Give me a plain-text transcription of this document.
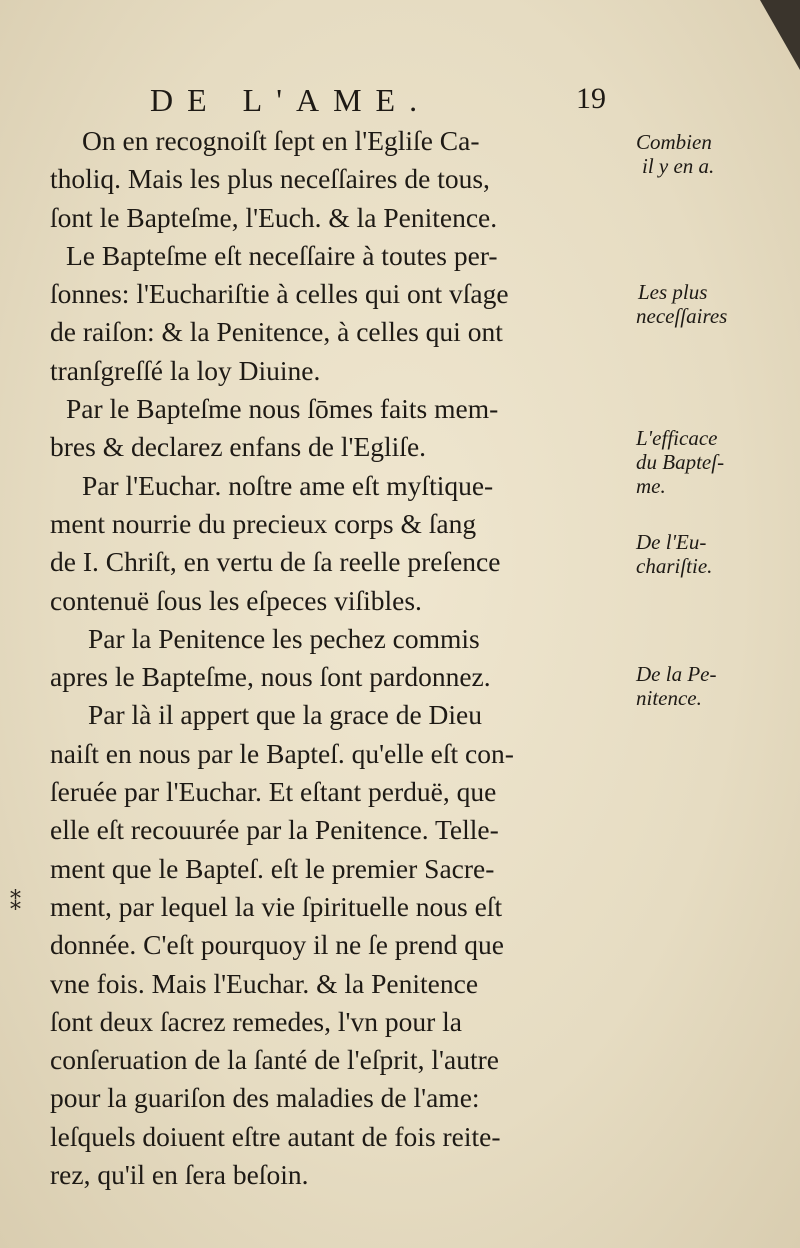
DE L'AME.	19
On en recognoiſt ſept en l'Egliſe Ca-
tholiq. Mais les plus neceſſaires de tous,
ſont le Bapteſme, l'Euch. & la Penitence.
Le Bapteſme eſt neceſſaire à toutes per-
ſonnes: l'Euchariſtie à celles qui ont vſage
de raiſon: & la Penitence, à celles qui ont
tranſgreſſé la loy Diuine.
Par le Bapteſme nous ſōmes faits mem-
bres & declarez enfans de l'Egliſe.
Par l'Euchar. noſtre ame eſt myſtique-
ment nourrie du precieux corps & ſang
de I. Chriſt, en vertu de ſa reelle preſence
contenuë ſous les eſpeces viſibles.
Par la Penitence les pechez commis
apres le Bapteſme, nous ſont pardonnez.
Par là il appert que la grace de Dieu
naiſt en nous par le Bapteſ. qu'elle eſt con-
ſeruée par l'Euchar. Et eſtant perduë, que
elle eſt recouurée par la Penitence. Telle-
ment que le Bapteſ. eſt le premier Sacre-
ment, par lequel la vie ſpirituelle nous eſt
donnée. C'eſt pourquoy il ne ſe prend que
vne fois. Mais l'Euchar. & la Penitence
ſont deux ſacrez remedes, l'vn pour la
conſeruation de la ſanté de l'eſprit, l'autre
pour la guariſon des maladies de l'ame:
leſquels doiuent eſtre autant de fois reite-
rez, qu'il en ſera beſoin.
Combien
il y en a.
Les plus
neceſſaires
L'efficace
du Bapteſ-
me.
De l'Eu-
chariſtie.
De la Pe-
nitence.
⁑
